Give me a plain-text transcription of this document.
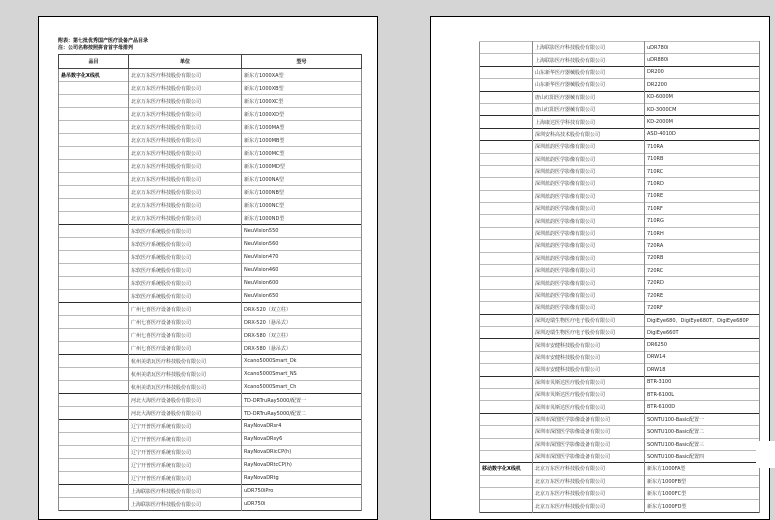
附表：第七批优秀国产医疗设备产品目录
注：公司名称按照拼音首字母排列
品目	单位	型号
悬吊数字化X线机	北京万东医疗科技股份有限公司	新东方1000XA型
	北京万东医疗科技股份有限公司	新东方1000XB型
	北京万东医疗科技股份有限公司	新东方1000XC型
	北京万东医疗科技股份有限公司	新东方1000XD型
	北京万东医疗科技股份有限公司	新东方1000MA型
	北京万东医疗科技股份有限公司	新东方1000MB型
	北京万东医疗科技股份有限公司	新东方1000MC型
	北京万东医疗科技股份有限公司	新东方1000MD型
	北京万东医疗科技股份有限公司	新东方1000NA型
	北京万东医疗科技股份有限公司	新东方1000NB型
	北京万东医疗科技股份有限公司	新东方1000NC型
	北京万东医疗科技股份有限公司	新东方1000ND型
	东软医疗系统股份有限公司	NeuVision550
	东软医疗系统股份有限公司	NeuVision560
	东软医疗系统股份有限公司	NeuVision470
	东软医疗系统股份有限公司	NeuVision460
	东软医疗系统股份有限公司	NeuVision600
	东软医疗系统股份有限公司	NeuVision650
	广州七喜医疗设备有限公司	DRX-520（双立柱）
	广州七喜医疗设备有限公司	DRX-520（悬吊式）
	广州七喜医疗设备有限公司	DRX-580（双立柱）
	广州七喜医疗设备有限公司	DRX-580（悬吊式）
	杭州美诺瓦医疗科技股份有限公司	Xcano5000Smart_Dk
	杭州美诺瓦医疗科技股份有限公司	Xcano5000Smart_NS
	杭州美诺瓦医疗科技股份有限公司	Xcano5000Smart_Ch
	河北大海医疗设备股份有限公司	TD-DRTruRay5000/配置一
	河北大海医疗设备股份有限公司	TD-DRTruRay5000/配置二
	辽宁开普医疗系统有限公司	RayNovaDRsr4
	辽宁开普医疗系统有限公司	RayNovaDRsy6
	辽宁开普医疗系统有限公司	RayNovaDRicCP(h)
	辽宁开普医疗系统有限公司	RayNovaDRtcCP(h)
	辽宁开普医疗系统有限公司	RayNovaDRtg
	上海联影医疗科技股份有限公司	uDR750iPro
	上海联影医疗科技股份有限公司	uDR750i
	上海联影医疗科技股份有限公司	uDR780i
	上海联影医疗科技股份有限公司	uDR880i
	山东新华医疗器械股份有限公司	DR200
	山东新华医疗器械股份有限公司	DR2200
	唐山红阳医疗器械有限公司	KD-6000M
	唐山红阳医疗器械有限公司	KD-3000CM
	上海康达医学科技有限公司	KD-2000M
	深圳安科高技术股份有限公司	ASD-4010D
	深圳蓝韵医学影像有限公司	710RA
	深圳蓝韵医学影像有限公司	710RB
	深圳蓝韵医学影像有限公司	710RC
	深圳蓝韵医学影像有限公司	710RD
	深圳蓝韵医学影像有限公司	710RE
	深圳蓝韵医学影像有限公司	710RF
	深圳蓝韵医学影像有限公司	710RG
	深圳蓝韵医学影像有限公司	710RH
	深圳蓝韵医学影像有限公司	720RA
	深圳蓝韵医学影像有限公司	720RB
	深圳蓝韵医学影像有限公司	720RC
	深圳蓝韵医学影像有限公司	720RD
	深圳蓝韵医学影像有限公司	720RE
	深圳蓝韵医学影像有限公司	720RF
	深圳迈瑞生物医疗电子股份有限公司	DigiEye680、DigiEye680T、DigiEye680P
	深圳迈瑞生物医疗电子股份有限公司	DigiEye660T
	深圳市安健科技股份有限公司	DR6250
	深圳市安健科技股份有限公司	DRW14
	深圳市安健科技股份有限公司	DRW18
	深圳市贝斯达医疗股份有限公司	BTR-3100
	深圳市贝斯达医疗股份有限公司	BTR-6100L
	深圳市贝斯达医疗股份有限公司	BTR-6100D
	深圳市深图医学影像设备有限公司	SONTU100-Basic配置一
	深圳市深图医学影像设备有限公司	SONTU100-Basic配置二
	深圳市深图医学影像设备有限公司	SONTU100-Basic配置三
	深圳市深图医学影像设备有限公司	SONTU100-Basic配置四
移动数字化X线机	北京万东医疗科技股份有限公司	新东方1000FA型
	北京万东医疗科技股份有限公司	新东方1000FB型
	北京万东医疗科技股份有限公司	新东方1000FC型
	北京万东医疗科技股份有限公司	新东方1000FD型
